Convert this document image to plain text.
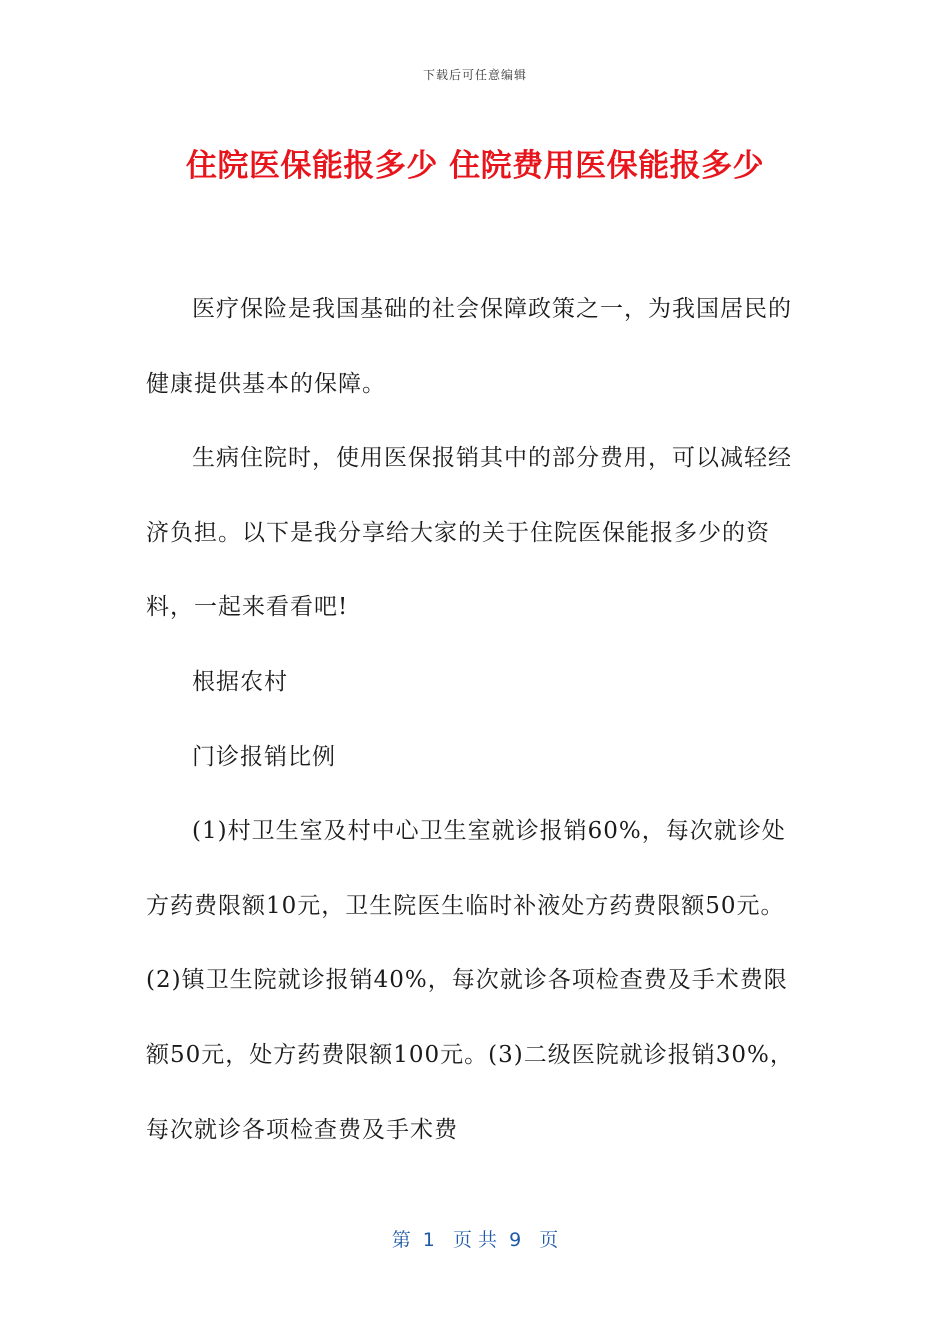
下载后可任意编辑
住院医保能报多少 住院费用医保能报多少

医疗保险是我国基础的社会保障政策之一，为我国居民的健康提供基本的保障。

生病住院时，使用医保报销其中的部分费用，可以减轻经济负担。以下是我分享给大家的关于住院医保能报多少的资料，一起来看看吧!

根据农村

门诊报销比例

(1)村卫生室及村中心卫生室就诊报销60%，每次就诊处方药费限额10元，卫生院医生临时补液处方药费限额50元。(2)镇卫生院就诊报销40%，每次就诊各项检查费及手术费限额50元，处方药费限额100元。(3)二级医院就诊报销30%，每次就诊各项检查费及手术费

第  1   页 共  9   页
